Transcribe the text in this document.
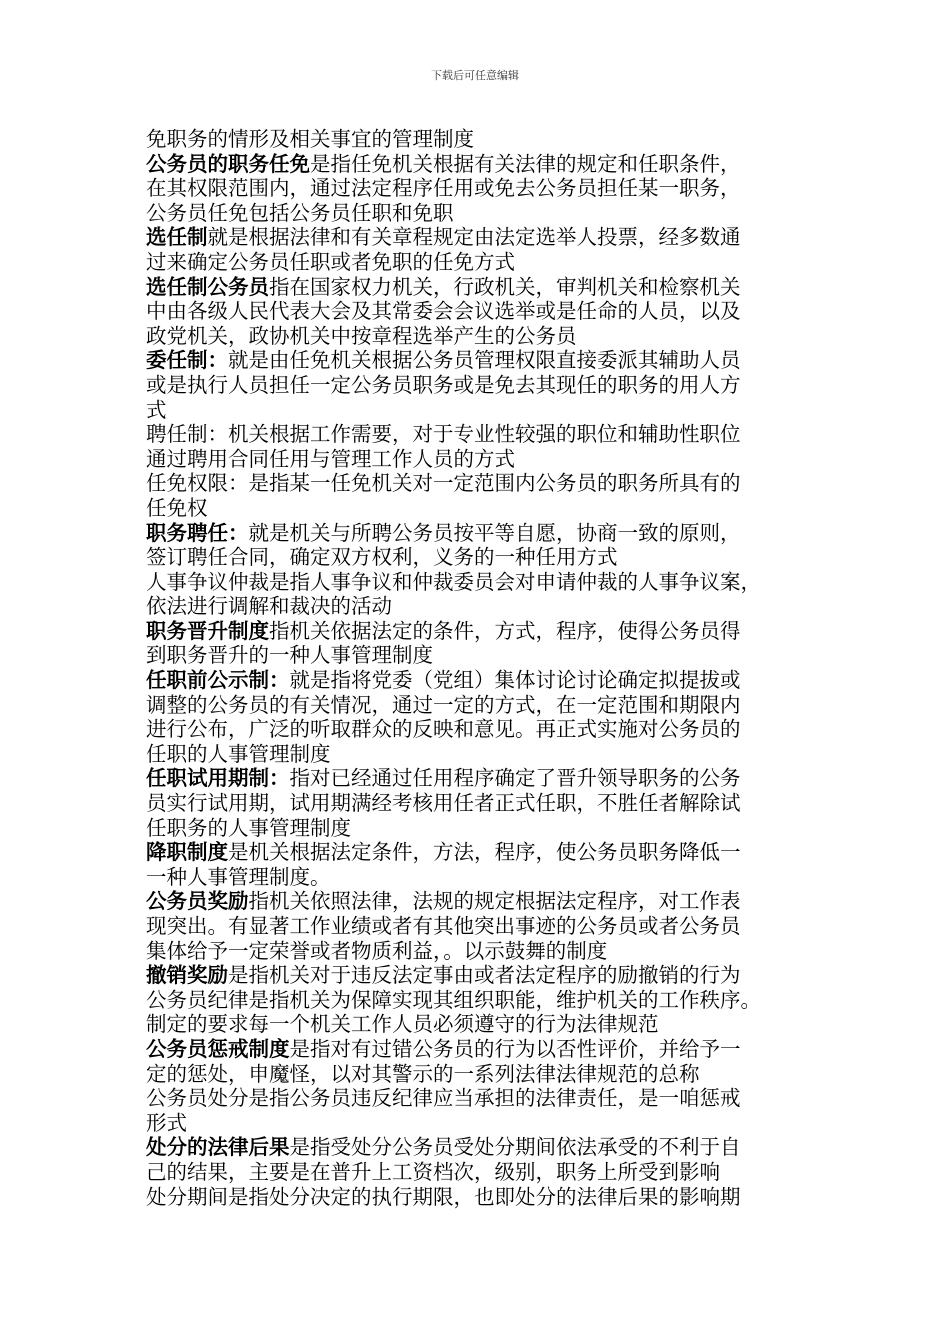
下载后可任意编辑

免职务的情形及相关事宜的管理制度

公务员的职务任免是指任免机关根据有关法律的规定和任职条件，
在其权限范围内，通过法定程序任用或免去公务员担任某一职务，
公务员任免包括公务员任职和免职

选任制就是根据法律和有关章程规定由法定选举人投票，经多数通
过来确定公务员任职或者免职的任免方式

选任制公务员指在国家权力机关，行政机关，审判机关和检察机关
中由各级人民代表大会及其常委会会议选举或是任命的人员，以及
政党机关，政协机关中按章程选举产生的公务员

委任制：就是由任免机关根据公务员管理权限直接委派其辅助人员
或是执行人员担任一定公务员职务或是免去其现任的职务的用人方
式

聘任制：机关根据工作需要，对于专业性较强的职位和辅助性职位
通过聘用合同任用与管理工作人员的方式

任免权限：是指某一任免机关对一定范围内公务员的职务所具有的
任免权

职务聘任：就是机关与所聘公务员按平等自愿，协商一致的原则，
签订聘任合同，确定双方权利，义务的一种任用方式

人事争议仲裁是指人事争议和仲裁委员会对申请仲裁的人事争议案，
依法进行调解和裁决的活动

职务晋升制度指机关依据法定的条件，方式，程序，使得公务员得
到职务晋升的一种人事管理制度

任职前公示制：就是指将党委（党组）集体讨论讨论确定拟提拔或
调整的公务员的有关情况，通过一定的方式，在一定范围和期限内
进行公布，广泛的听取群众的反映和意见。再正式实施对公务员的
任职的人事管理制度

任职试用期制：指对已经通过任用程序确定了晋升领导职务的公务
员实行试用期，试用期满经考核用任者正式任职，不胜任者解除试
任职务的人事管理制度

降职制度是机关根据法定条件，方法，程序，使公务员职务降低一
一种人事管理制度。

公务员奖励指机关依照法律，法规的规定根据法定程序，对工作表
现突出。有显著工作业绩或者有其他突出事迹的公务员或者公务员
集体给予一定荣誉或者物质利益，。以示鼓舞的制度

撤销奖励是指机关对于违反法定事由或者法定程序的励撤销的行为

公务员纪律是指机关为保障实现其组织职能，维护机关的工作秩序。
制定的要求每一个机关工作人员必须遵守的行为法律规范

公务员惩戒制度是指对有过错公务员的行为以否性评价，并给予一
定的惩处，申魔怪，以对其警示的一系列法律法律规范的总称

公务员处分是指公务员违反纪律应当承担的法律责任，是一咱惩戒
形式

处分的法律后果是指受处分公务员受处分期间依法承受的不利于自
己的结果，主要是在普升上工资档次，级别，职务上所受到影响

处分期间是指处分决定的执行期限，也即处分的法律后果的影响期
